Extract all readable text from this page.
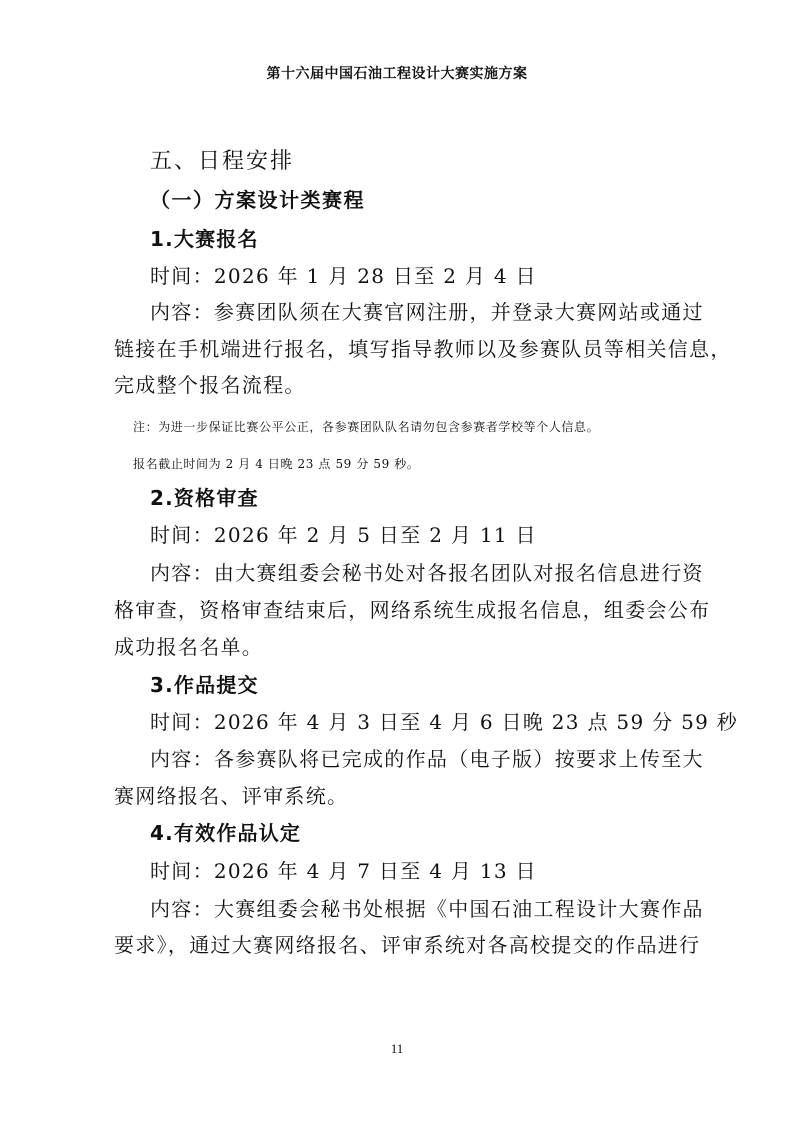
第十六届中国石油工程设计大赛实施方案
五、日程安排
（一）方案设计类赛程
1.大赛报名
时间：2026 年 1 月 28 日至 2 月 4 日
内容：参赛团队须在大赛官网注册，并登录大赛网站或通过
链接在手机端进行报名，填写指导教师以及参赛队员等相关信息，
完成整个报名流程。
注：为进一步保证比赛公平公正，各参赛团队队名请勿包含参赛者学校等个人信息。
报名截止时间为 2 月 4 日晚 23 点 59 分 59 秒。
2.资格审查
时间：2026 年 2 月 5 日至 2 月 11 日
内容：由大赛组委会秘书处对各报名团队对报名信息进行资
格审查，资格审查结束后，网络系统生成报名信息，组委会公布
成功报名名单。
3.作品提交
时间：2026 年 4 月 3 日至 4 月 6 日晚 23 点 59 分 59 秒
内容：各参赛队将已完成的作品（电子版）按要求上传至大
赛网络报名、评审系统。
4.有效作品认定
时间：2026 年 4 月 7 日至 4 月 13 日
内容：大赛组委会秘书处根据《中国石油工程设计大赛作品
要求》，通过大赛网络报名、评审系统对各高校提交的作品进行
11
